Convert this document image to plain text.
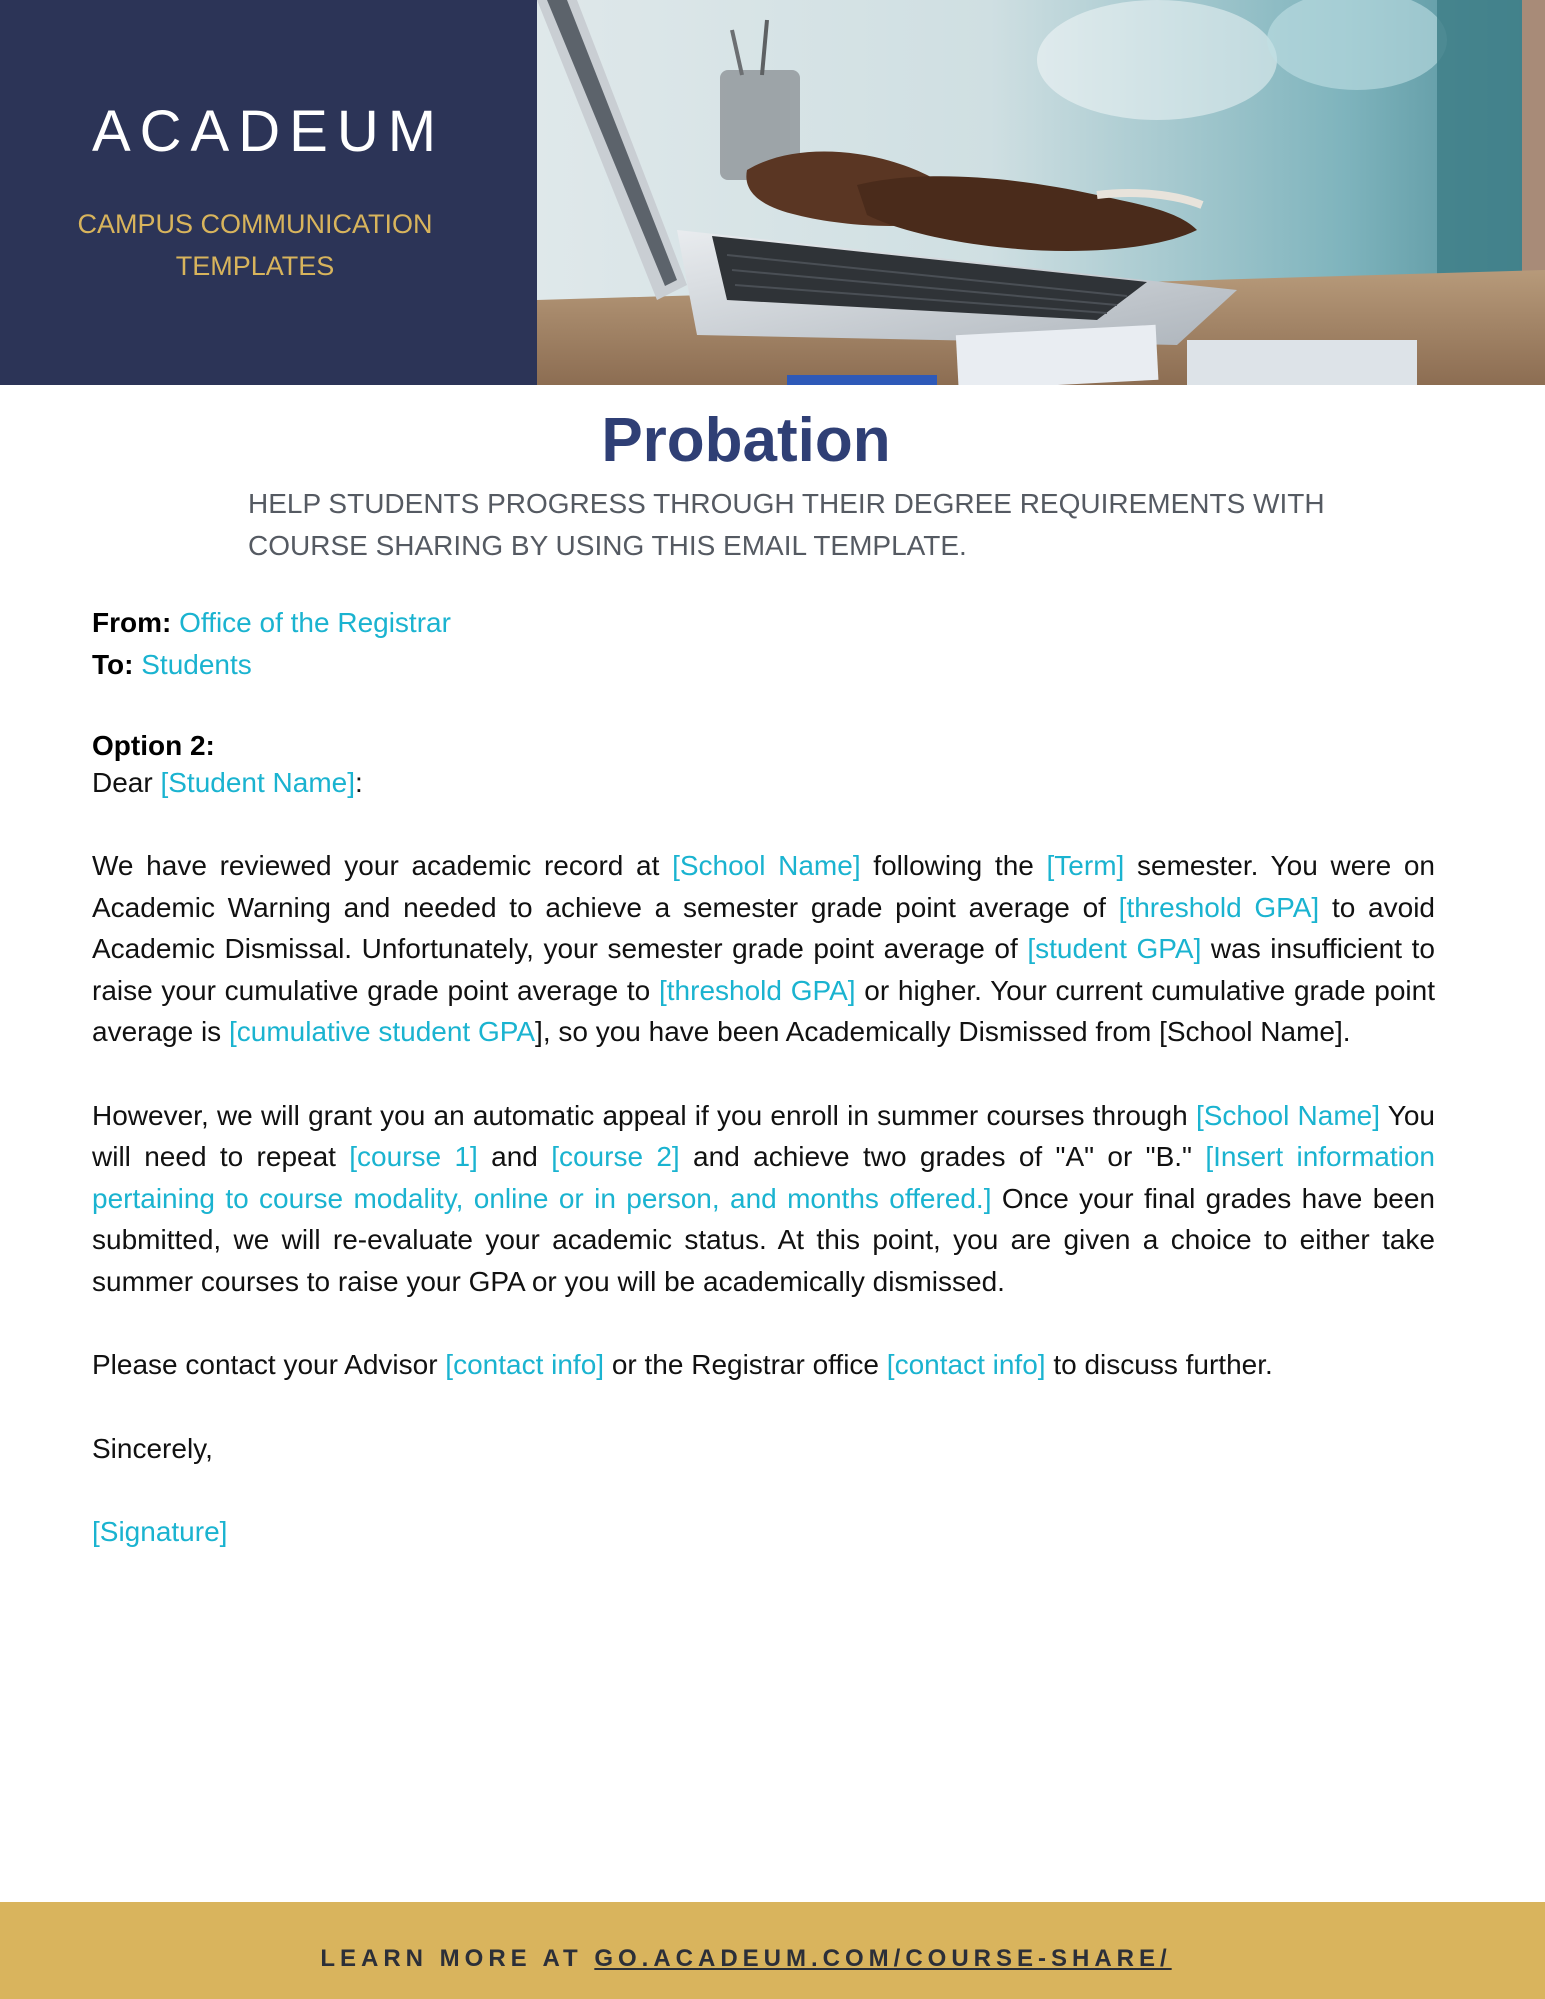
ACADEUM
CAMPUS COMMUNICATION TEMPLATES
Probation
HELP STUDENTS PROGRESS THROUGH THEIR DEGREE REQUIREMENTS WITH COURSE SHARING BY USING THIS EMAIL TEMPLATE.

From: Office of the Registrar

To: Students

Option 2:

Dear [Student Name]:

We have reviewed your academic record at [School Name] following the [Term] semester. You were on Academic Warning and needed to achieve a semester grade point average of [threshold GPA] to avoid Academic Dismissal. Unfortunately, your semester grade point average of [student GPA] was insufficient to raise your cumulative grade point average to [threshold GPA] or higher. Your current cumulative grade point average is [cumulative student GPA], so you have been Academically Dismissed from [School Name].

However, we will grant you an automatic appeal if you enroll in summer courses through [School Name] You will need to repeat [course 1] and [course 2] and achieve two grades of "A" or "B." [Insert information pertaining to course modality, online or in person, and months offered.] Once your final grades have been submitted, we will re-evaluate your academic status. At this point, you are given a choice to either take summer courses to raise your GPA or you will be academically dismissed.

Please contact your Advisor [contact info] or the Registrar office [contact info] to discuss further.

Sincerely,

[Signature]

LEARN MORE AT GO.ACADEUM.COM/COURSE-SHARE/
